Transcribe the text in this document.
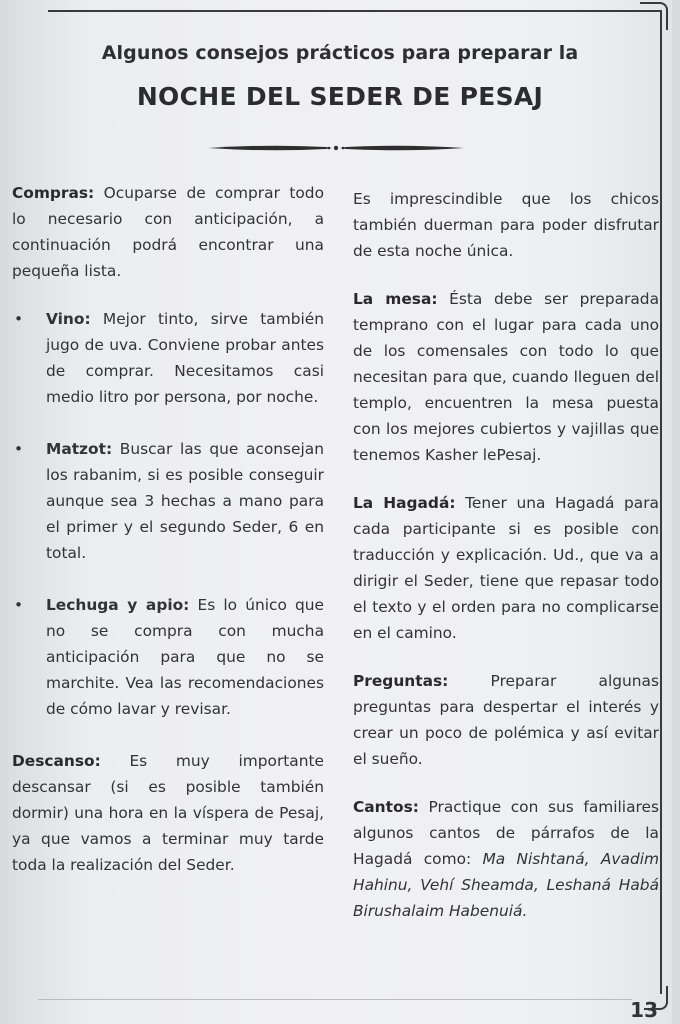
Algunos consejos prácticos para preparar la
NOCHE DEL SEDER DE PESAJ

Compras: Ocuparse de comprar todo lo necesario con anticipación, a continuación podrá encontrar una pequeña lista.

• Vino: Mejor tinto, sirve también jugo de uva. Conviene probar antes de comprar. Necesitamos casi medio litro por persona, por noche.
• Matzot: Buscar las que aconsejan los rabanim, si es posible conseguir aunque sea 3 hechas a mano para el primer y el segundo Seder, 6 en total.
• Lechuga y apio: Es lo único que no se compra con mucha anticipación para que no se marchite. Vea las recomendaciones de cómo lavar y revisar.

Descanso: Es muy importante descansar (si es posible también dormir) una hora en la víspera de Pesaj, ya que vamos a terminar muy tarde toda la realización del Seder.

Es imprescindible que los chicos también duerman para poder disfrutar de esta noche única.

La mesa: Ésta debe ser preparada temprano con el lugar para cada uno de los comensales con todo lo que necesitan para que, cuando lleguen del templo, encuentren la mesa puesta con los mejores cubiertos y vajillas que tenemos Kasher lePesaj.

La Hagadá: Tener una Hagadá para cada participante si es posible con traducción y explicación. Ud., que va a dirigir el Seder, tiene que repasar todo el texto y el orden para no complicarse en el camino.

Preguntas: Preparar algunas preguntas para despertar el interés y crear un poco de polémica y así evitar el sueño.

Cantos: Practique con sus familiares algunos cantos de párrafos de la Hagadá como: Ma Nishtaná, Avadim Hahinu, Vehí Sheamda, Leshaná Habá Birushalaim Habenuiá.

13
